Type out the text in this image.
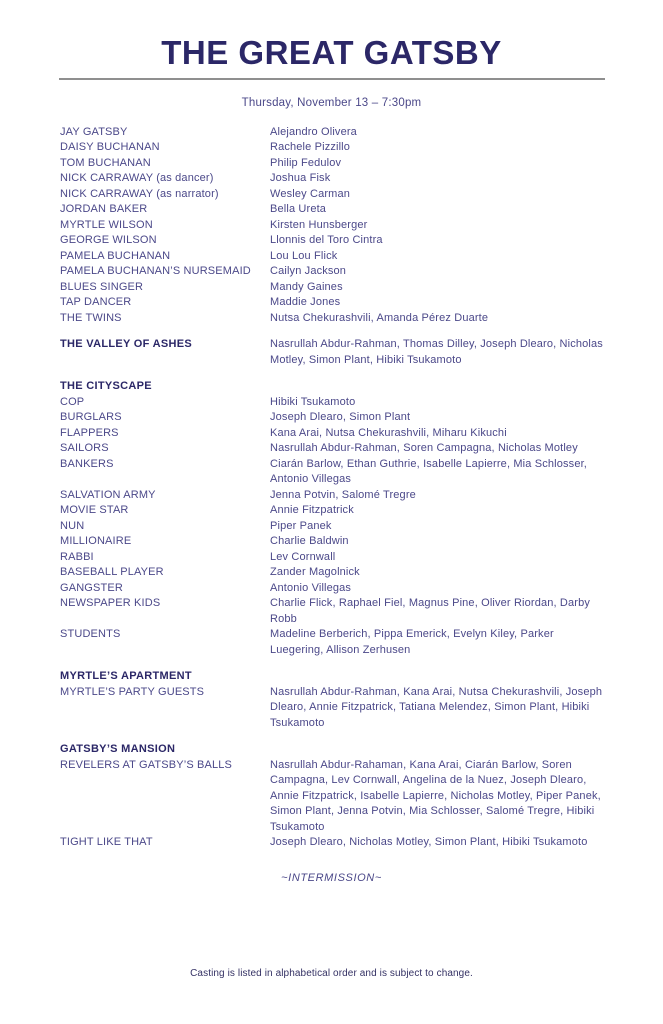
THE GREAT GATSBY
Thursday, November 13 – 7:30pm
JAY GATSBY	Alejandro Olivera
DAISY BUCHANAN	Rachele Pizzillo
TOM BUCHANAN	Philip Fedulov
NICK CARRAWAY (as dancer)	Joshua Fisk
NICK CARRAWAY (as narrator)	Wesley Carman
JORDAN BAKER	Bella Ureta
MYRTLE WILSON	Kirsten Hunsberger
GEORGE WILSON	Llonnis del Toro Cintra
PAMELA BUCHANAN	Lou Lou Flick
PAMELA BUCHANAN’S NURSEMAID	Cailyn Jackson
BLUES SINGER	Mandy Gaines
TAP DANCER	Maddie Jones
THE TWINS	Nutsa Chekurashvili, Amanda Pérez Duarte
THE VALLEY OF ASHES	Nasrullah Abdur-Rahman, Thomas Dilley, Joseph Dlearo, Nicholas Motley, Simon Plant, Hibiki Tsukamoto
THE CITYSCAPE
COP	Hibiki Tsukamoto
BURGLARS	Joseph Dlearo, Simon Plant
FLAPPERS	Kana Arai, Nutsa Chekurashvili, Miharu Kikuchi
SAILORS	Nasrullah Abdur-Rahman, Soren Campagna, Nicholas Motley
BANKERS	Ciarán Barlow, Ethan Guthrie, Isabelle Lapierre, Mia Schlosser, Antonio Villegas
SALVATION ARMY	Jenna Potvin, Salomé Tregre
MOVIE STAR	Annie Fitzpatrick
NUN	Piper Panek
MILLIONAIRE	Charlie Baldwin
RABBI	Lev Cornwall
BASEBALL PLAYER	Zander Magolnick
GANGSTER	Antonio Villegas
NEWSPAPER KIDS	Charlie Flick, Raphael Fiel, Magnus Pine, Oliver Riordan, Darby Robb
STUDENTS	Madeline Berberich, Pippa Emerick, Evelyn Kiley, Parker Luegering, Allison Zerhusen
MYRTLE’S APARTMENT
MYRTLE’S PARTY GUESTS	Nasrullah Abdur-Rahman, Kana Arai, Nutsa Chekurashvili, Joseph Dlearo, Annie Fitzpatrick, Tatiana Melendez, Simon Plant, Hibiki Tsukamoto
GATSBY’S MANSION
REVELERS AT GATSBY’S BALLS	Nasrullah Abdur-Rahaman, Kana Arai, Ciarán Barlow, Soren Campagna, Lev Cornwall, Angelina de la Nuez, Joseph Dlearo, Annie Fitzpatrick, Isabelle Lapierre, Nicholas Motley, Piper Panek, Simon Plant, Jenna Potvin, Mia Schlosser, Salomé Tregre, Hibiki Tsukamoto
TIGHT LIKE THAT	Joseph Dlearo, Nicholas Motley, Simon Plant, Hibiki Tsukamoto
~INTERMISSION~
Casting is listed in alphabetical order and is subject to change.
